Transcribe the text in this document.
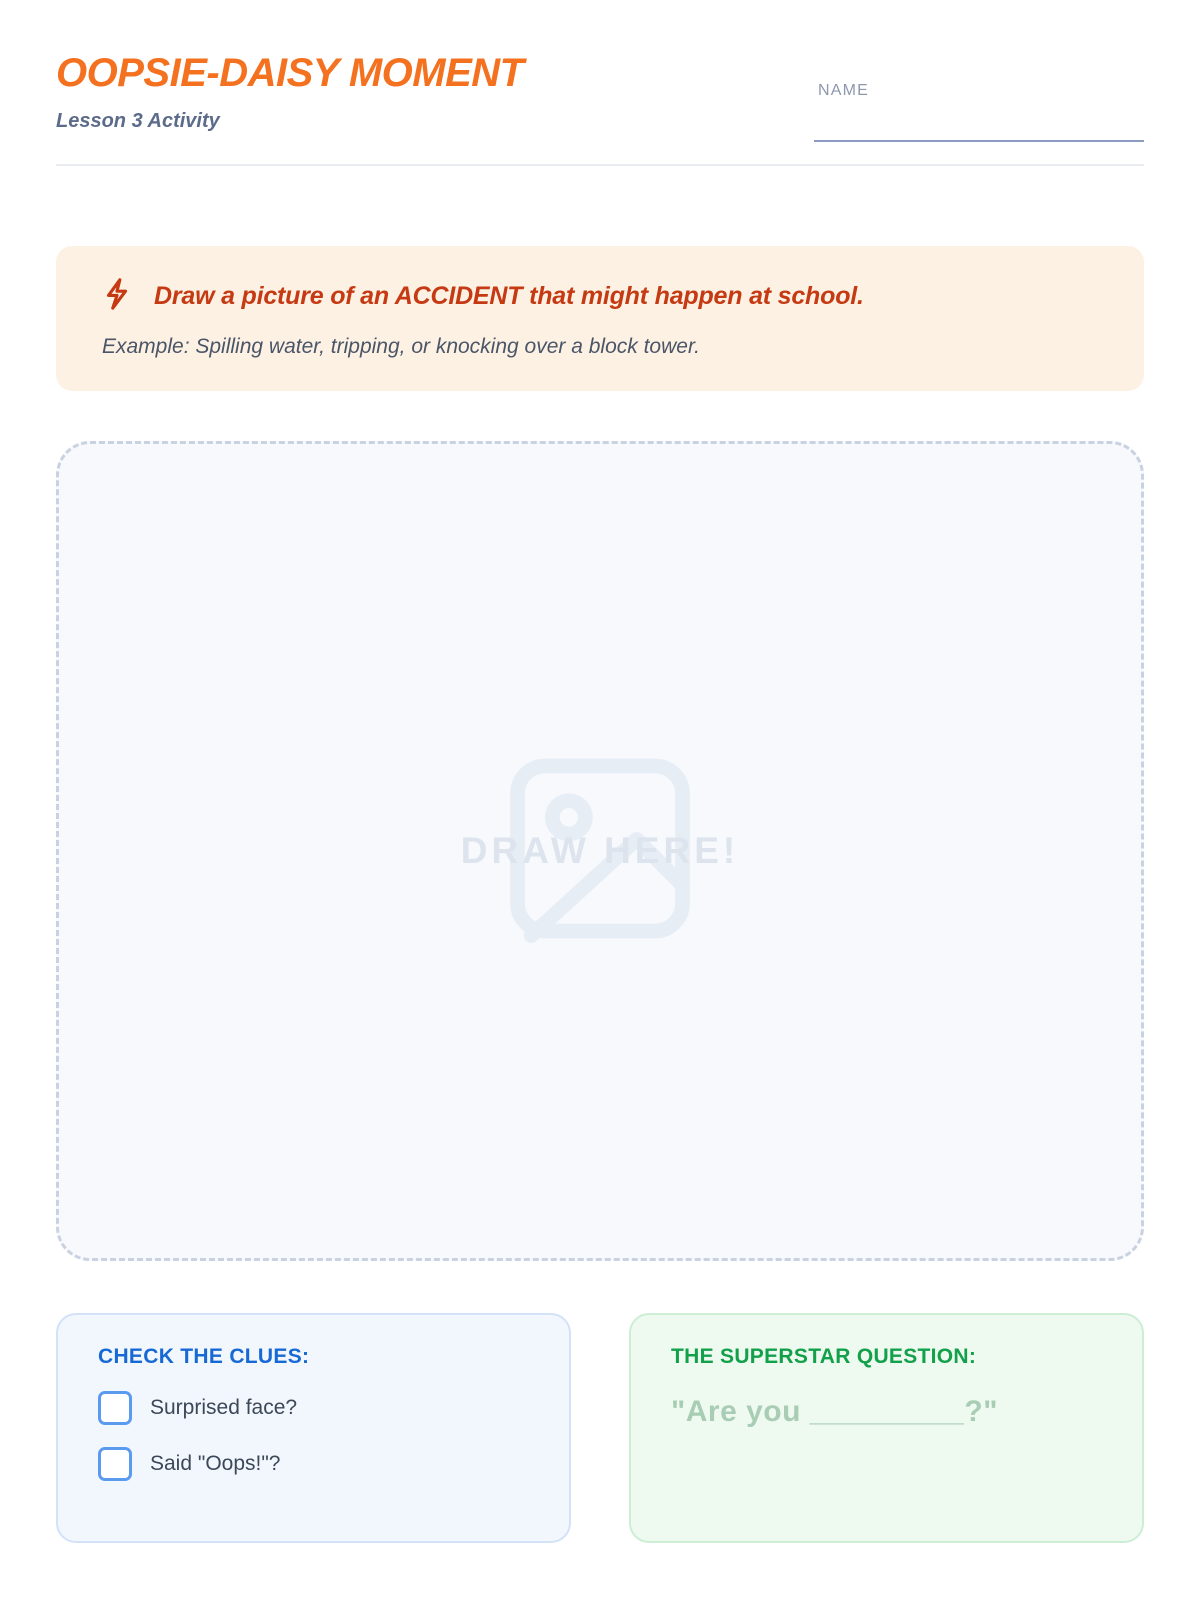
OOPSIE-DAISY MOMENT
Lesson 3 Activity
NAME
Draw a picture of an ACCIDENT that might happen at school.
Example: Spilling water, tripping, or knocking over a block tower.
DRAW HERE!
CHECK THE CLUES:
Surprised face?
Said "Oops!"?
THE SUPERSTAR QUESTION:
"Are you _________?"
